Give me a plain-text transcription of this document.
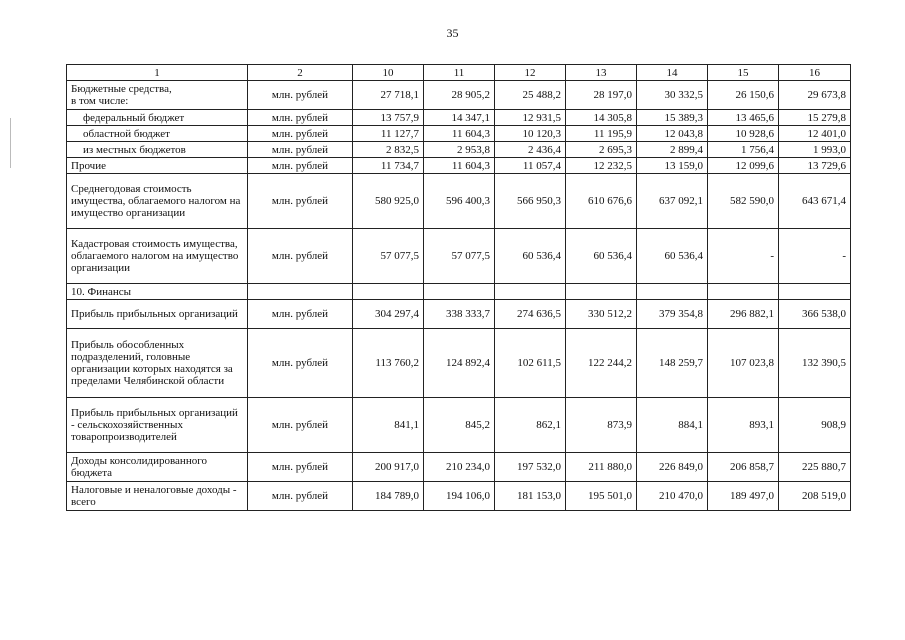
35
1	2	10	11	12	13	14	15	16
Бюджетные средства,
в том числе:	млн. рублей	27 718,1	28 905,2	25 488,2	28 197,0	30 332,5	26 150,6	29 673,8
федеральный бюджет	млн. рублей	13 757,9	14 347,1	12 931,5	14 305,8	15 389,3	13 465,6	15 279,8
областной бюджет	млн. рублей	11 127,7	11 604,3	10 120,3	11 195,9	12 043,8	10 928,6	12 401,0
из местных бюджетов	млн. рублей	2 832,5	2 953,8	2 436,4	2 695,3	2 899,4	1 756,4	1 993,0
Прочие	млн. рублей	11 734,7	11 604,3	11 057,4	12 232,5	13 159,0	12 099,6	13 729,6
Среднегодовая стоимость имущества, облагаемого налогом на имущество организации	млн. рублей	580 925,0	596 400,3	566 950,3	610 676,6	637 092,1	582 590,0	643 671,4
Кадастровая стоимость имущества, облагаемого налогом на имущество организации	млн. рублей	57 077,5	57 077,5	60 536,4	60 536,4	60 536,4	-	-
10. Финансы								
Прибыль прибыльных организаций	млн. рублей	304 297,4	338 333,7	274 636,5	330 512,2	379 354,8	296 882,1	366 538,0
Прибыль обособленных подразделений, головные организации которых находятся за пределами Челябинской области	млн. рублей	113 760,2	124 892,4	102 611,5	122 244,2	148 259,7	107 023,8	132 390,5
Прибыль прибыльных организаций - сельскохозяйственных товаропроизводителей	млн. рублей	841,1	845,2	862,1	873,9	884,1	893,1	908,9
Доходы консолидированного бюджета	млн. рублей	200 917,0	210 234,0	197 532,0	211 880,0	226 849,0	206 858,7	225 880,7
Налоговые и неналоговые доходы - всего	млн. рублей	184 789,0	194 106,0	181 153,0	195 501,0	210 470,0	189 497,0	208 519,0
